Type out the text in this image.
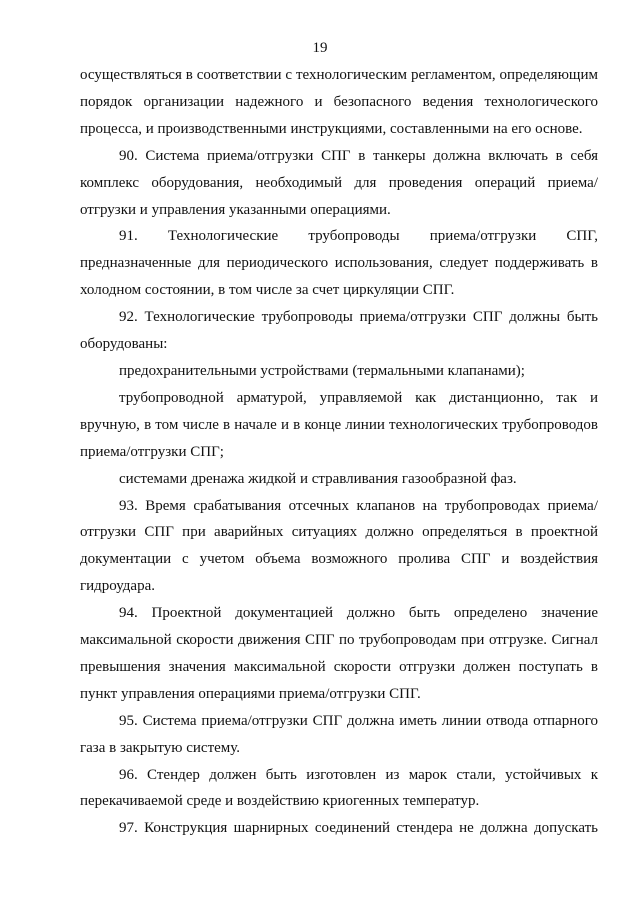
19

осуществляться в соответствии с технологическим регламентом, определяющим порядок организации надежного и безопасного ведения технологического процесса, и производственными инструкциями, составленными на его основе.

90. Система приема/отгрузки СПГ в танкеры должна включать в себя комплекс оборудования, необходимый для проведения операций приема/отгрузки и управления указанными операциями.

91. Технологические трубопроводы приема/отгрузки СПГ, предназначенные для периодического использования, следует поддерживать в холодном состоянии, в том числе за счет циркуляции СПГ.

92. Технологические трубопроводы приема/отгрузки СПГ должны быть оборудованы:

предохранительными устройствами (термальными клапанами);

трубопроводной арматурой, управляемой как дистанционно, так и вручную, в том числе в начале и в конце линии технологических трубопроводов приема/отгрузки СПГ;

системами дренажа жидкой и стравливания газообразной фаз.

93. Время срабатывания отсечных клапанов на трубопроводах приема/отгрузки СПГ при аварийных ситуациях должно определяться в проектной документации с учетом объема возможного пролива СПГ и воздействия гидроудара.

94. Проектной документацией должно быть определено значение максимальной скорости движения СПГ по трубопроводам при отгрузке. Сигнал превышения значения максимальной скорости отгрузки должен поступать в пункт управления операциями приема/отгрузки СПГ.

95. Система приема/отгрузки СПГ должна иметь линии отвода отпарного газа в закрытую систему.

96. Стендер должен быть изготовлен из марок стали, устойчивых к перекачиваемой среде и воздействию криогенных температур.

97. Конструкция шарнирных соединений стендера не должна допускать
